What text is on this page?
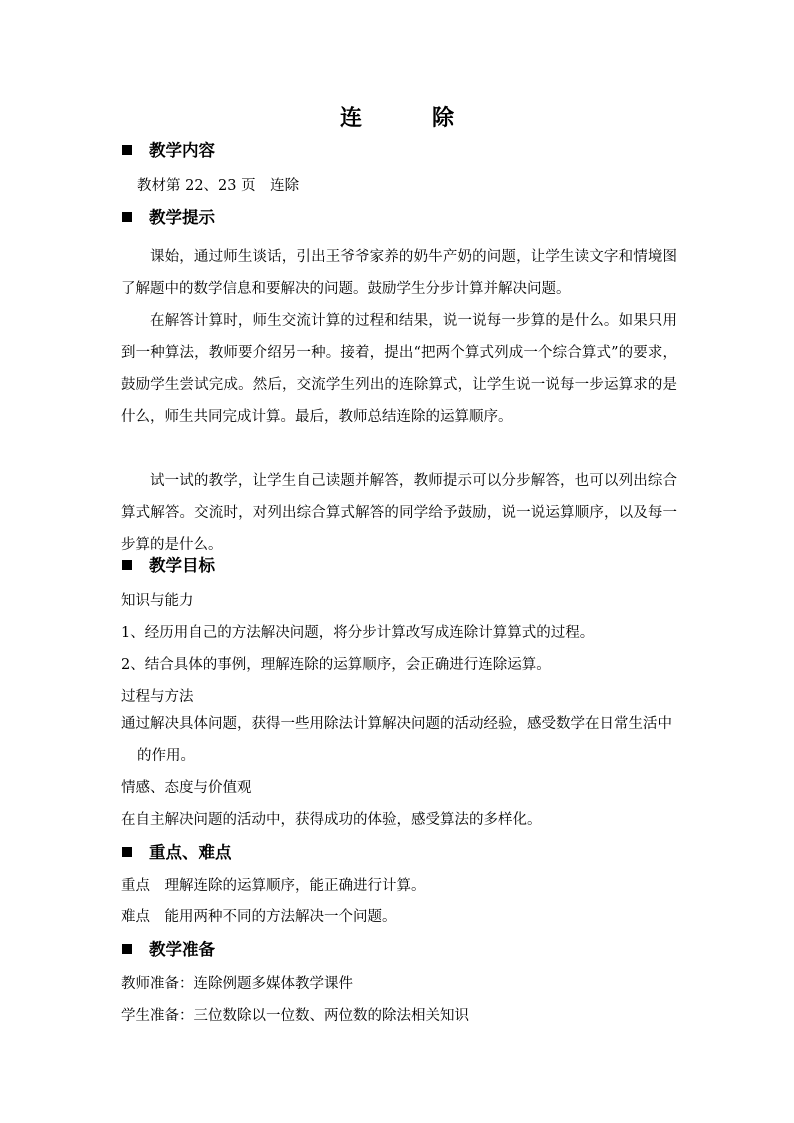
连　除
教学内容
教材第 22、23 页　连除
教学提示
课始，通过师生谈话，引出王爷爷家养的奶牛产奶的问题，让学生读文字和情境图了解题中的数学信息和要解决的问题。鼓励学生分步计算并解决问题。
在解答计算时，师生交流计算的过程和结果，说一说每一步算的是什么。如果只用到一种算法，教师要介绍另一种。接着，提出“把两个算式列成一个综合算式”的要求，鼓励学生尝试完成。然后，交流学生列出的连除算式，让学生说一说每一步运算求的是什么，师生共同完成计算。最后，教师总结连除的运算顺序。
试一试的教学，让学生自己读题并解答，教师提示可以分步解答，也可以列出综合算式解答。交流时，对列出综合算式解答的同学给予鼓励，说一说运算顺序，以及每一步算的是什么。
教学目标
知识与能力
1、经历用自己的方法解决问题，将分步计算改写成连除计算算式的过程。
2、结合具体的事例，理解连除的运算顺序，会正确进行连除运算。
过程与方法
通过解决具体问题，获得一些用除法计算解决问题的活动经验，感受数学在日常生活中的作用。
情感、态度与价值观
在自主解决问题的活动中，获得成功的体验，感受算法的多样化。
重点、难点
重点　理解连除的运算顺序，能正确进行计算。
难点　能用两种不同的方法解决一个问题。
教学准备
教师准备：连除例题多媒体教学课件
学生准备：三位数除以一位数、两位数的除法相关知识
